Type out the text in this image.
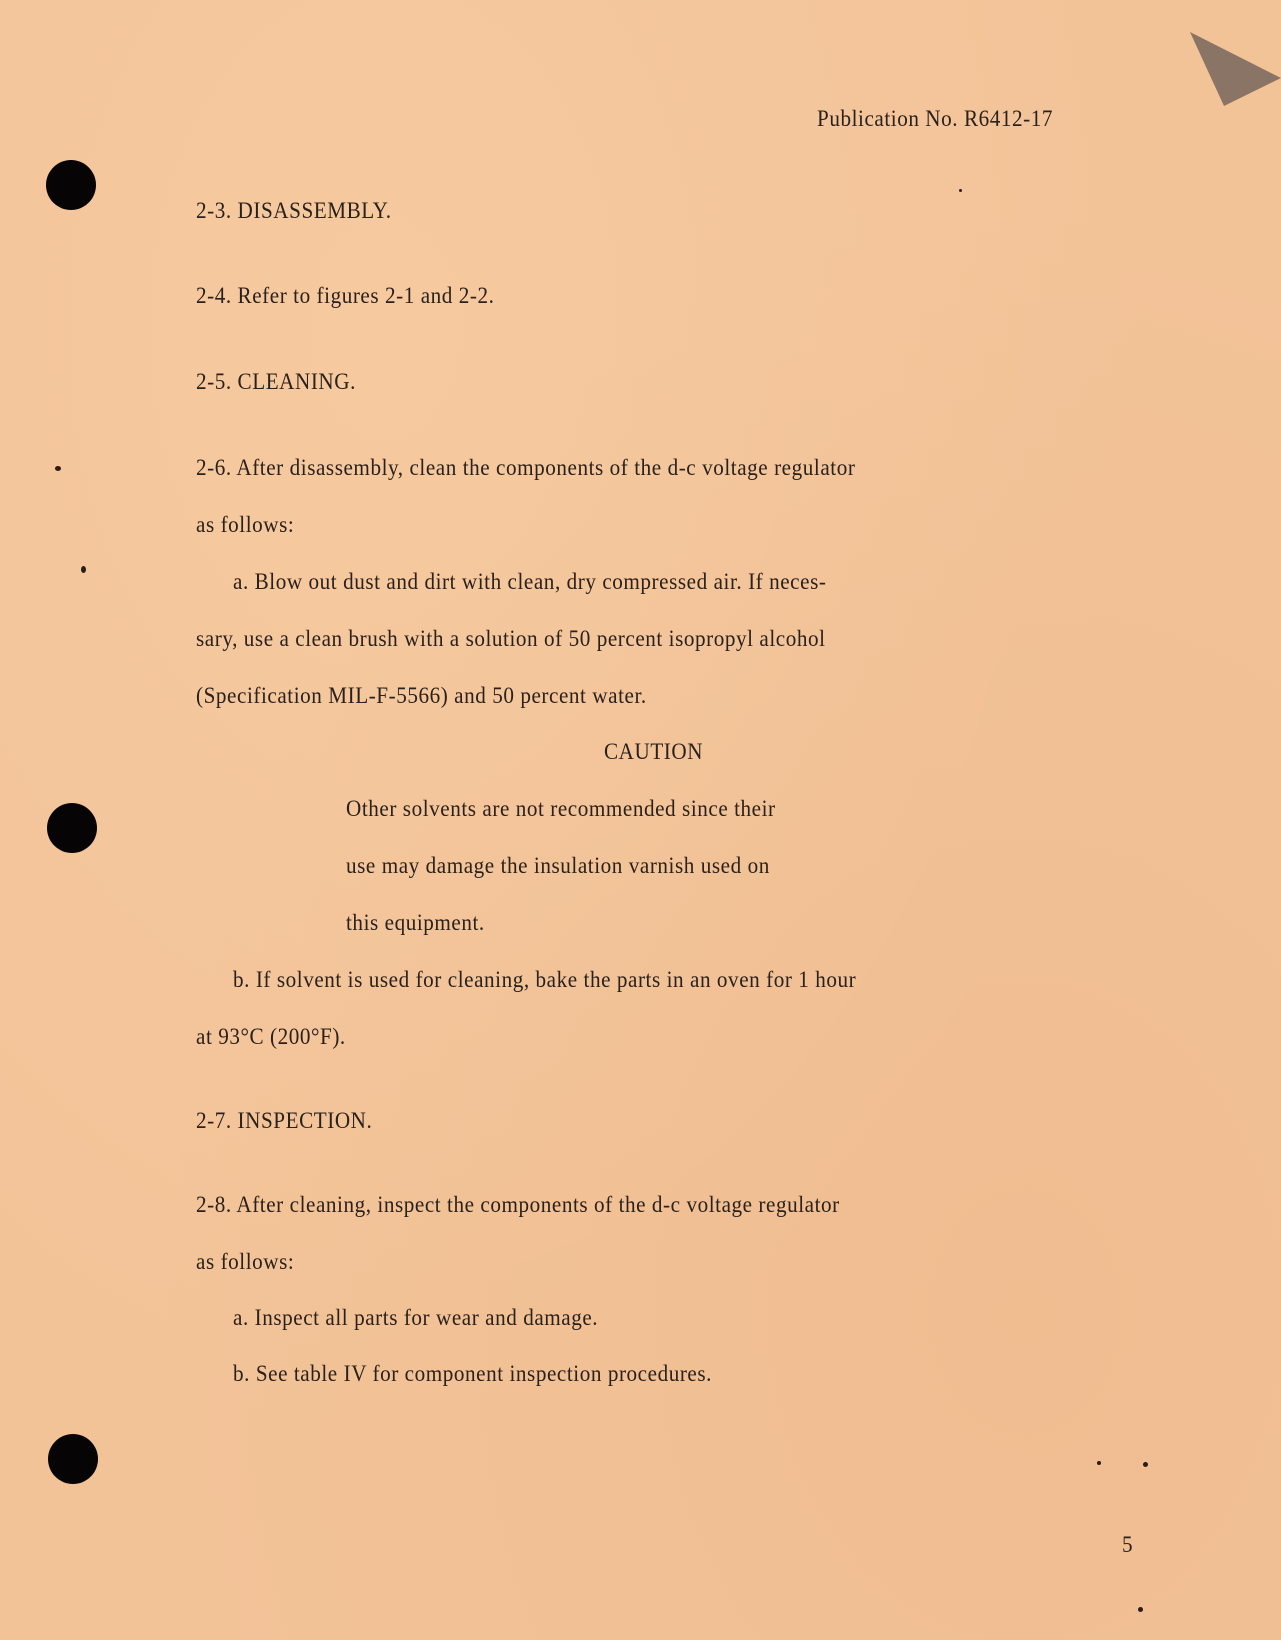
Publication No. R6412-17
2-3. DISASSEMBLY.
2-4. Refer to figures 2-1 and 2-2.
2-5. CLEANING.
2-6. After disassembly, clean the components of the d-c voltage regulator
as follows:
a. Blow out dust and dirt with clean, dry compressed air. If neces-
sary, use a clean brush with a solution of 50 percent isopropyl alcohol
(Specification MIL-F-5566) and 50 percent water.
CAUTION
Other solvents are not recommended since their
use may damage the insulation varnish used on
this equipment.
b. If solvent is used for cleaning, bake the parts in an oven for 1 hour
at 93°C (200°F).
2-7. INSPECTION.
2-8. After cleaning, inspect the components of the d-c voltage regulator
as follows:
a. Inspect all parts for wear and damage.
b. See table IV for component inspection procedures.
5
